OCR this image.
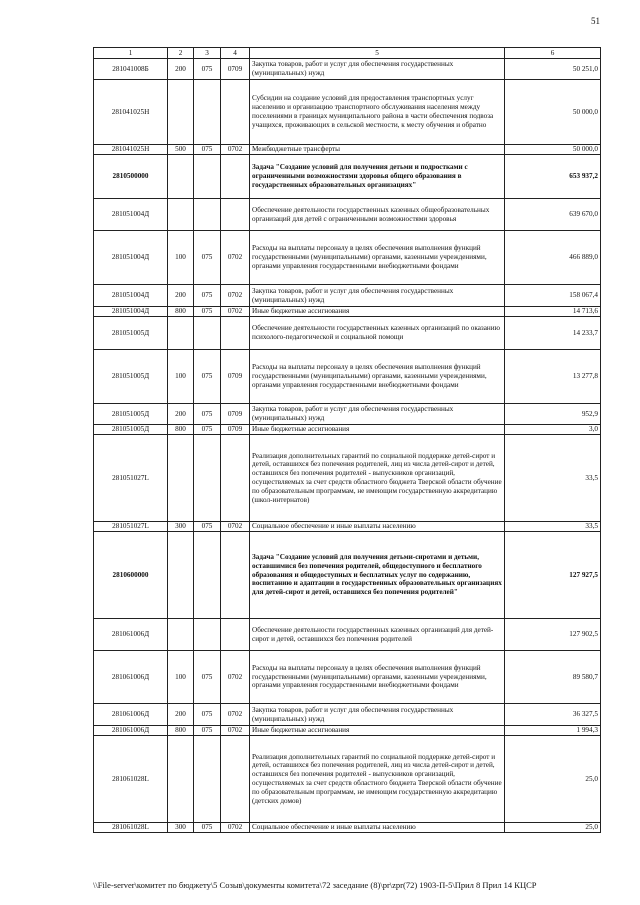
51
1	2	3	4	5	6
281041008Б	200	075	0709	Закупка товаров, работ и услуг для обеспечения государственных (муниципальных) нужд	50 251,0
281041025Н				Субсидии на создание условий для предоставления транспортных услуг населению и организацию транспортного обслуживания населения между поселениями в границах муниципального района в части обеспечения подвоза учащихся, проживающих в сельской местности, к месту обучения и обратно	50 000,0
281041025Н	500	075	0702	Межбюджетные трансферты	50 000,0
2810500000				Задача "Создание условий для получения детьми и подростками с ограниченными возможностями здоровья общего образования в государственных образовательных организациях"	653 937,2
281051004Д				Обеспечение деятельности государственных казенных общеобразовательных организаций для детей с ограниченными возможностями здоровья	639 670,0
281051004Д	100	075	0702	Расходы на выплаты персоналу в целях обеспечения выполнения функций государственными (муниципальными) органами, казенными учреждениями, органами управления государственными внебюджетными фондами	466 889,0
281051004Д	200	075	0702	Закупка товаров, работ и услуг для обеспечения государственных (муниципальных) нужд	158 067,4
281051004Д	800	075	0702	Иные бюджетные ассигнования	14 713,6
281051005Д				Обеспечение деятельности государственных казенных организаций по оказанию психолого-педагогической и социальной помощи	14 233,7
281051005Д	100	075	0709	Расходы на выплаты персоналу в целях обеспечения выполнения функций государственными (муниципальными) органами, казенными учреждениями, органами управления государственными внебюджетными фондами	13 277,8
281051005Д	200	075	0709	Закупка товаров, работ и услуг для обеспечения государственных (муниципальных) нужд	952,9
281051005Д	800	075	0709	Иные бюджетные ассигнования	3,0
281051027L				Реализация дополнительных гарантий по социальной поддержке детей-сирот и детей, оставшихся без попечения родителей, лиц из числа детей-сирот и детей, оставшихся без попечения родителей - выпускников организаций, осуществляемых за счет средств областного бюджета Тверской области обучение по образовательным программам, не имеющим государственную аккредитацию (школ-интернатов)	33,5
281051027L	300	075	0702	Социальное обеспечение и иные выплаты населению	33,5
2810600000				Задача "Создание условий для получения детьми-сиротами и детьми, оставшимися без попечения родителей, общедоступного и бесплатного образования и общедоступных и бесплатных услуг по содержанию, воспитанию и адаптации в государственных образовательных организациях для детей-сирот и детей, оставшихся без попечения родителей"	127 927,5
281061006Д				Обеспечение деятельности государственных казенных организаций для детей-сирот и детей, оставшихся без попечения родителей	127 902,5
281061006Д	100	075	0702	Расходы на выплаты персоналу в целях обеспечения выполнения функций государственными (муниципальными) органами, казенными учреждениями, органами управления государственными внебюджетными фондами	89 580,7
281061006Д	200	075	0702	Закупка товаров, работ и услуг для обеспечения государственных (муниципальных) нужд	36 327,5
281061006Д	800	075	0702	Иные бюджетные ассигнования	1 994,3
281061028L				Реализация дополнительных гарантий по социальной поддержке детей-сирот и детей, оставшихся без попечения родителей, лиц из числа детей-сирот и детей, оставшихся без попечения родителей - выпускников организаций, осуществляемых за счет средств областного бюджета Тверской области обучение по образовательным программам, не имеющим государственную аккредитацию (детских домов)	25,0
281061028L	300	075	0702	Социальное обеспечение и иные выплаты населению	25,0
\\File-server\комитет по бюджету\5 Созыв\документы комитета\72 заседание (8)\pr\zpr(72) 1903-П-5\Прил 8 Прил 14 КЦСР
